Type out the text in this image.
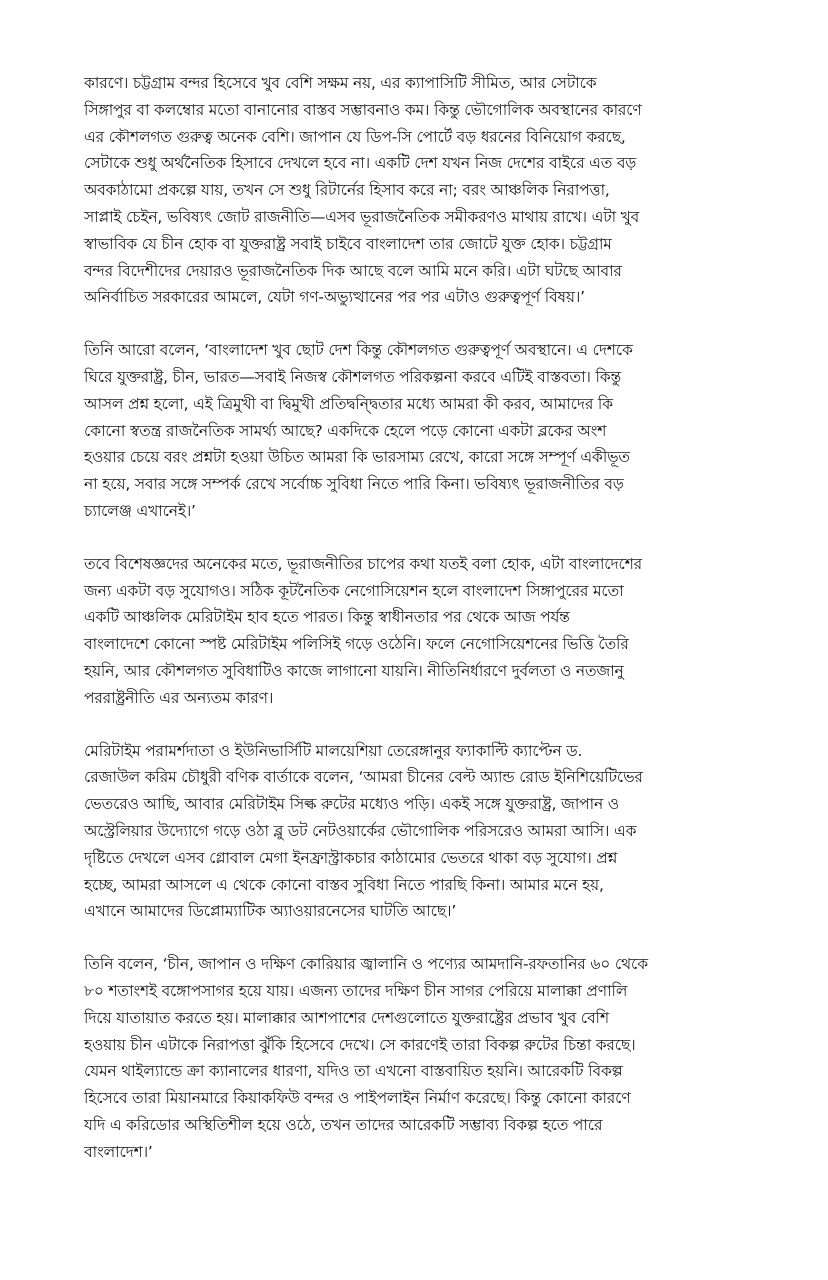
কারণে। চট্টগ্রাম বন্দর হিসেবে খুব বেশি সক্ষম নয়, এর ক্যাপাসিটি সীমিত, আর সেটাকে
সিঙ্গাপুর বা কলম্বোর মতো বানানোর বাস্তব সম্ভাবনাও কম। কিন্তু ভৌগোলিক অবস্থানের কারণে
এর কৌশলগত গুরুত্ব অনেক বেশি। জাপান যে ডিপ-সি পোর্টে বড় ধরনের বিনিয়োগ করছে,
সেটাকে শুধু অর্থনৈতিক হিসাবে দেখলে হবে না। একটি দেশ যখন নিজ দেশের বাইরে এত বড়
অবকাঠামো প্রকল্পে যায়, তখন সে শুধু রিটার্নের হিসাব করে না; বরং আঞ্চলিক নিরাপত্তা,
সাপ্লাই চেইন, ভবিষ্যৎ জোট রাজনীতি—এসব ভূরাজনৈতিক সমীকরণও মাথায় রাখে। এটা খুব
স্বাভাবিক যে চীন হোক বা যুক্তরাষ্ট্র সবাই চাইবে বাংলাদেশ তার জোটে যুক্ত হোক। চট্টগ্রাম
বন্দর বিদেশীদের দেয়ারও ভূরাজনৈতিক দিক আছে বলে আমি মনে করি। এটা ঘটছে আবার
অনির্বাচিত সরকারের আমলে, যেটা গণ-অভ্যুত্থানের পর পর এটাও গুরুত্বপূর্ণ বিষয়।’

তিনি আরো বলেন, ‘বাংলাদেশ খুব ছোট দেশ কিন্তু কৌশলগত গুরুত্বপূর্ণ অবস্থানে। এ দেশকে
ঘিরে যুক্তরাষ্ট্র, চীন, ভারত—সবাই নিজস্ব কৌশলগত পরিকল্পনা করবে এটিই বাস্তবতা। কিন্তু
আসল প্রশ্ন হলো, এই ত্রিমুখী বা দ্বিমুখী প্রতিদ্বন্দ্বিতার মধ্যে আমরা কী করব, আমাদের কি
কোনো স্বতন্ত্র রাজনৈতিক সামর্থ্য আছে? একদিকে হেলে পড়ে কোনো একটা ব্লকের অংশ
হওয়ার চেয়ে বরং প্রশ্নটা হওয়া উচিত আমরা কি ভারসাম্য রেখে, কারো সঙ্গে সম্পূর্ণ একীভূত
না হয়ে, সবার সঙ্গে সম্পর্ক রেখে সর্বোচ্চ সুবিধা নিতে পারি কিনা। ভবিষ্যৎ ভূরাজনীতির বড়
চ্যালেঞ্জ এখানেই।’

তবে বিশেষজ্ঞদের অনেকের মতে, ভূরাজনীতির চাপের কথা যতই বলা হোক, এটা বাংলাদেশের
জন্য একটা বড় সুযোগও। সঠিক কূটনৈতিক নেগোসিয়েশন হলে বাংলাদেশ সিঙ্গাপুরের মতো
একটি আঞ্চলিক মেরিটাইম হাব হতে পারত। কিন্তু স্বাধীনতার পর থেকে আজ পর্যন্ত
বাংলাদেশে কোনো স্পষ্ট মেরিটাইম পলিসিই গড়ে ওঠেনি। ফলে নেগোসিয়েশনের ভিত্তি তৈরি
হয়নি, আর কৌশলগত সুবিধাটিও কাজে লাগানো যায়নি। নীতিনির্ধারণে দুর্বলতা ও নতজানু
পররাষ্ট্রনীতি এর অন্যতম কারণ।

মেরিটাইম পরামর্শদাতা ও ইউনিভার্সিটি মালয়েশিয়া তেরেঙ্গানুর ফ্যাকাল্টি ক্যাপ্টেন ড.
রেজাউল করিম চৌধুরী বণিক বার্তাকে বলেন, ‘আমরা চীনের বেল্ট অ্যান্ড রোড ইনিশিয়েটিভের
ভেতরেও আছি, আবার মেরিটাইম সিল্ক রুটের মধ্যেও পড়ি। একই সঙ্গে যুক্তরাষ্ট্র, জাপান ও
অস্ট্রেলিয়ার উদ্যোগে গড়ে ওঠা ব্লু ডট নেটওয়ার্কের ভৌগোলিক পরিসরেও আমরা আসি। এক
দৃষ্টিতে দেখলে এসব গ্লোবাল মেগা ইনফ্রাস্ট্রাকচার কাঠামোর ভেতরে থাকা বড় সুযোগ। প্রশ্ন
হচ্ছে, আমরা আসলে এ থেকে কোনো বাস্তব সুবিধা নিতে পারছি কিনা। আমার মনে হয়,
এখানে আমাদের ডিপ্লোম্যাটিক অ্যাওয়ারনেসের ঘাটতি আছে।’

তিনি বলেন, ‘চীন, জাপান ও দক্ষিণ কোরিয়ার জ্বালানি ও পণ্যের আমদানি-রফতানির ৬০ থেকে
৮০ শতাংশই বঙ্গোপসাগর হয়ে যায়। এজন্য তাদের দক্ষিণ চীন সাগর পেরিয়ে মালাক্কা প্রণালি
দিয়ে যাতায়াত করতে হয়। মালাক্কার আশপাশের দেশগুলোতে যুক্তরাষ্ট্রের প্রভাব খুব বেশি
হওয়ায় চীন এটাকে নিরাপত্তা ঝুঁকি হিসেবে দেখে। সে কারণেই তারা বিকল্প রুটের চিন্তা করছে।
যেমন থাইল্যান্ডে ক্রা ক্যানালের ধারণা, যদিও তা এখনো বাস্তবায়িত হয়নি। আরেকটি বিকল্প
হিসেবে তারা মিয়ানমারে কিয়াকফিউ বন্দর ও পাইপলাইন নির্মাণ করেছে। কিন্তু কোনো কারণে
যদি এ করিডোর অস্থিতিশীল হয়ে ওঠে, তখন তাদের আরেকটি সম্ভাব্য বিকল্প হতে পারে
বাংলাদেশ।’
